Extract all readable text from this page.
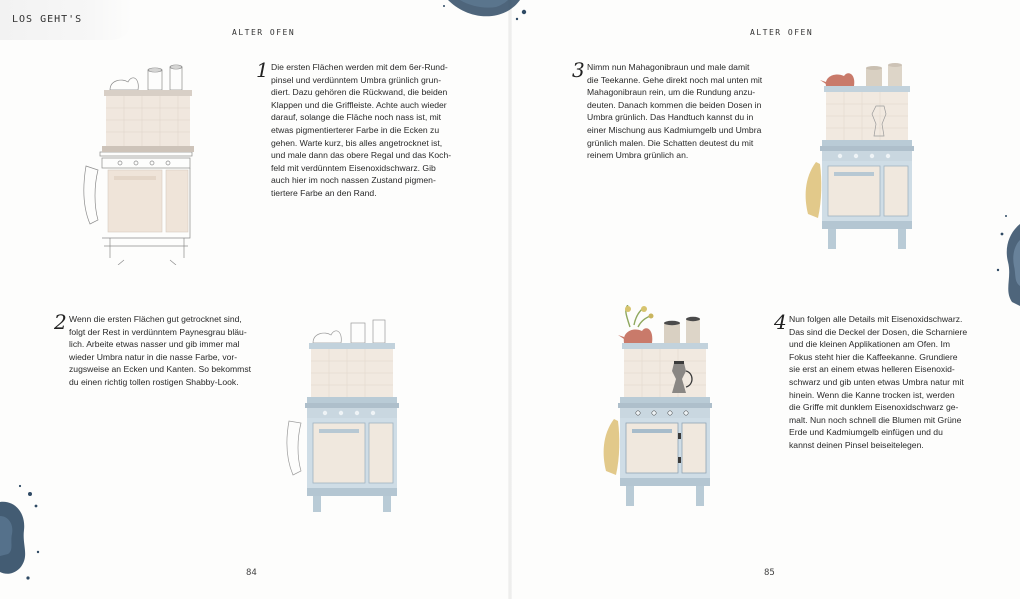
LOS GEHT'S
ALTER OFEN	ALTER OFEN
1 Die ersten Flächen werden mit dem 6er-Rund-

pinsel und verdünntem Umbra grünlich grun-

diert. Dazu gehören die Rückwand, die beiden

Klappen und die Griffleiste. Achte auch wieder

darauf, solange die Fläche noch nass ist, mit

etwas pigmentierterer Farbe in die Ecken zu

gehen. Warte kurz, bis alles angetrocknet ist,

und male dann das obere Regal und das Koch-

feld mit verdünntem Eisenoxidschwarz. Gib

auch hier im noch nassen Zustand pigmen-

tiertere Farbe an den Rand.

2 Wenn die ersten Flächen gut getrocknet sind,

folgt der Rest in verdünntem Paynesgrau bläu-

lich. Arbeite etwas nasser und gib immer mal

wieder Umbra natur in die nasse Farbe, vor-

zugsweise an Ecken und Kanten. So bekommst

du einen richtig tollen rostigen Shabby-Look.

3 Nimm nun Mahagonibraun und male damit

die Teekanne. Gehe direkt noch mal unten mit

Mahagonibraun rein, um die Rundung anzu-

deuten. Danach kommen die beiden Dosen in

Umbra grünlich. Das Handtuch kannst du in

einer Mischung aus Kadmiumgelb und Umbra

grünlich malen. Die Schatten deutest du mit

reinem Umbra grünlich an.

4 Nun folgen alle Details mit Eisenoxidschwarz.

Das sind die Deckel der Dosen, die Scharniere

und die kleinen Applikationen am Ofen. Im

Fokus steht hier die Kaffeekanne. Grundiere

sie erst an einem etwas helleren Eisenoxid-

schwarz und gib unten etwas Umbra natur mit

hinein. Wenn die Kanne trocken ist, werden

die Griffe mit dunklem Eisenoxidschwarz ge-

malt. Nun noch schnell die Blumen mit Grüne

Erde und Kadmiumgelb einfügen und du

kannst deinen Pinsel beiseitelegen.

84	85
